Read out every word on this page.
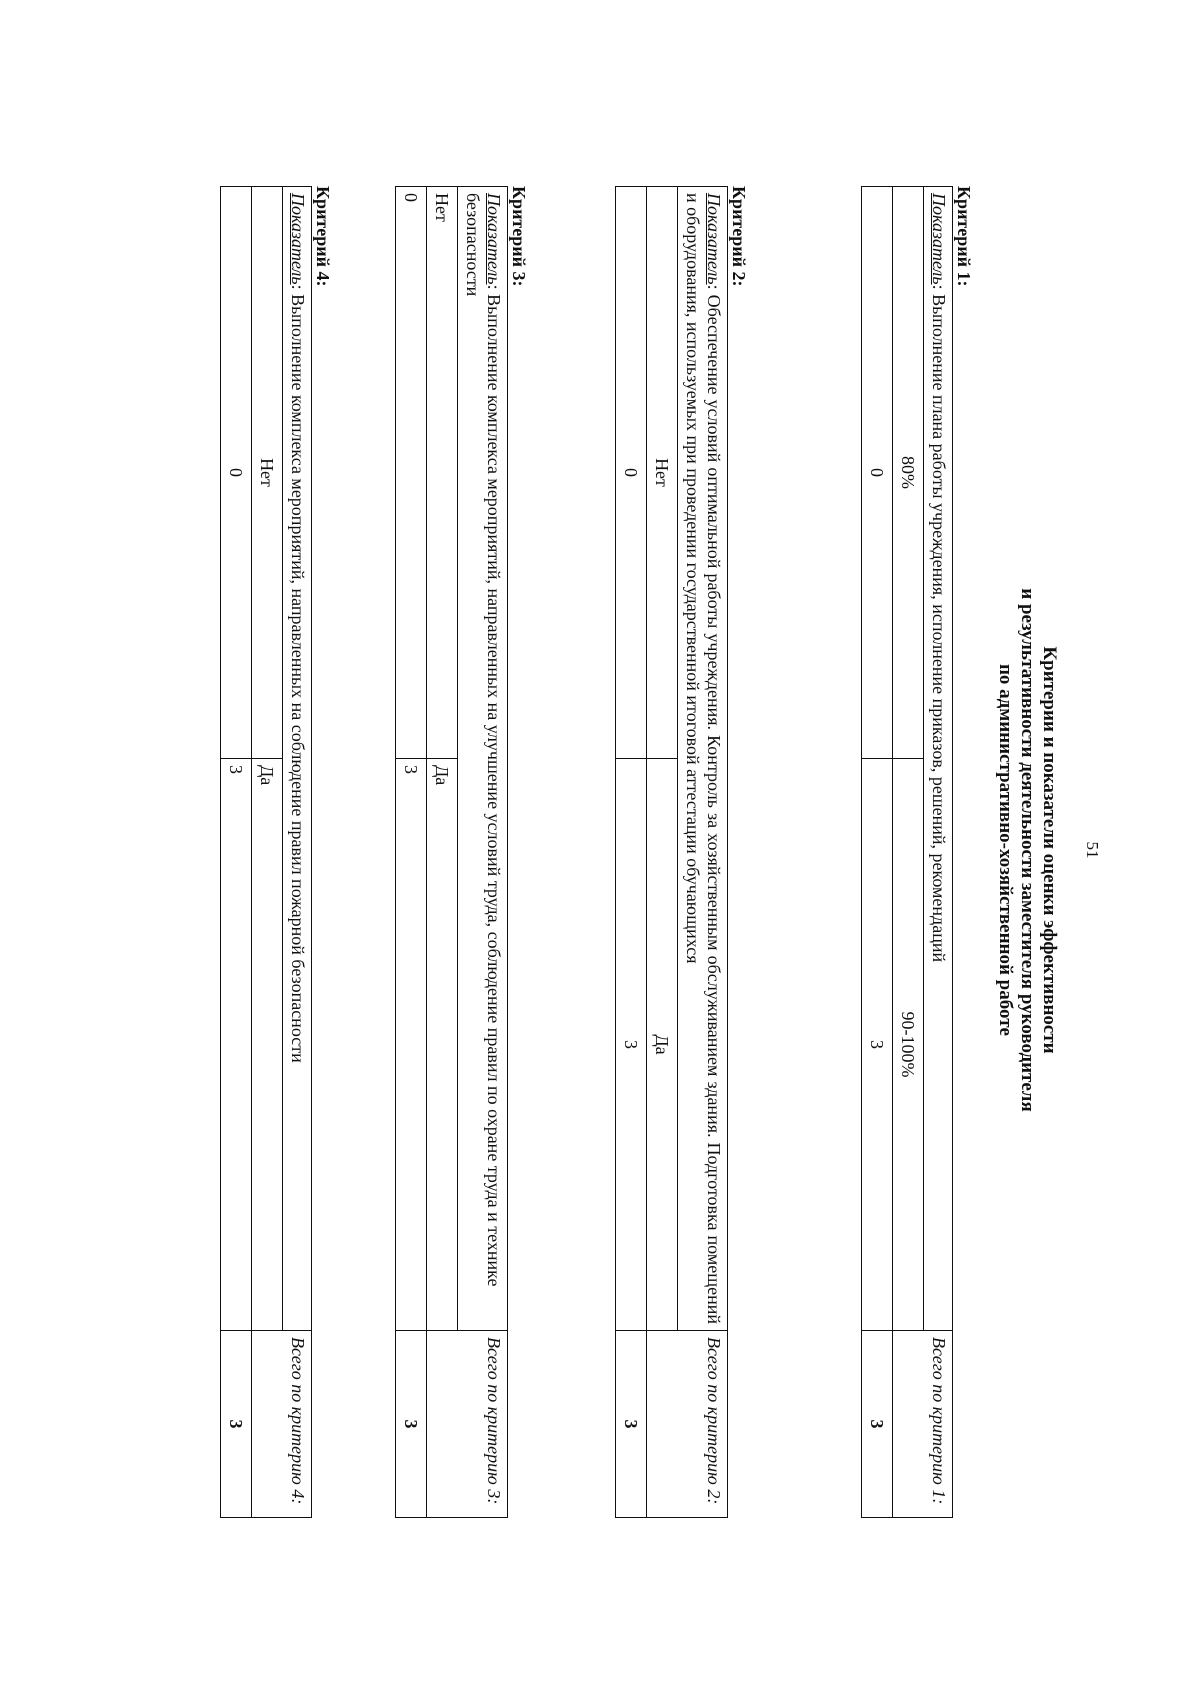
51
Критерии и показатели оценки эффективности
и результативности деятельности заместителя руководителя
по административно-хозяйственной работе
Критерий 1:
Показатель: Выполнение плана работы учреждения, исполнение приказов, решений, рекомендаций
80%
90-100%
0
3
Всего по критерию 1:
3
Критерий 2:
Показатель: Обеспечение условий оптимальной работы учреждения. Контроль за хозяйственным обслуживанием здания. Подготовка помещений и оборудования, используемых при проведении государственной итоговой аттестации обучающихся
Нет
Да
0
3
Всего по критерию 2:
3
Критерий 3:
Показатель: Выполнение комплекса мероприятий, направленных на улучшение условий труда, соблюдение правил по охране труда и технике безопасности
Нет
Да
0
3
Всего по критерию 3:
3
Критерий 4:
Показатель: Выполнение комплекса мероприятий, направленных на соблюдение правил пожарной безопасности
Нет
Да
0
3
Всего по критерию 4:
3
